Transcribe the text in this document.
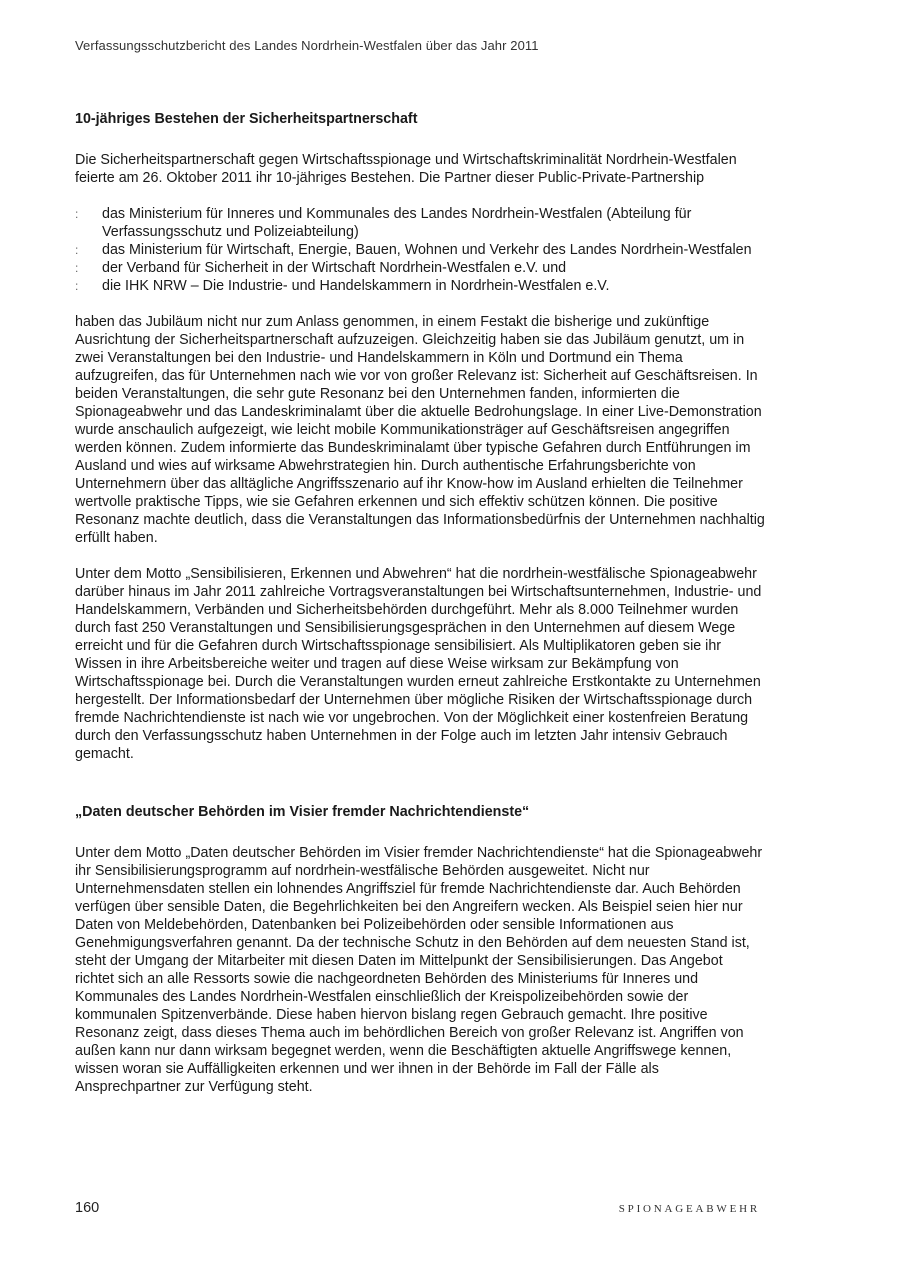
Verfassungsschutzbericht des Landes Nordrhein-Westfalen über das Jahr 2011
10-jähriges Bestehen der Sicherheitspartnerschaft

Die Sicherheitspartnerschaft gegen Wirtschaftsspionage und Wirtschaftskriminalität Nordrhein-Westfalen feierte am 26. Oktober 2011 ihr 10-jähriges Bestehen. Die Partner dieser Public-Private-Partnership

: das Ministerium für Inneres und Kommunales des Landes Nordrhein-Westfalen (Abteilung für Verfassungsschutz und Polizeiabteilung)
: das Ministerium für Wirtschaft, Energie, Bauen, Wohnen und Verkehr des Landes Nordrhein-Westfalen
: der Verband für Sicherheit in der Wirtschaft Nordrhein-Westfalen e.V. und
: die IHK NRW – Die Industrie- und Handelskammern in Nordrhein-Westfalen e.V.

haben das Jubiläum nicht nur zum Anlass genommen, in einem Festakt die bisherige und zukünftige Ausrichtung der Sicherheitspartnerschaft aufzuzeigen. Gleichzeitig haben sie das Jubiläum genutzt, um in zwei Veranstaltungen bei den Industrie- und Handelskammern in Köln und Dortmund ein Thema aufzugreifen, das für Unternehmen nach wie vor von großer Relevanz ist: Sicherheit auf Geschäftsreisen. In beiden Veranstaltungen, die sehr gute Resonanz bei den Unternehmen fanden, informierten die Spionageabwehr und das Landeskriminalamt über die aktuelle Bedrohungslage. In einer Live-Demonstration wurde anschaulich aufgezeigt, wie leicht mobile Kommunikationsträger auf Geschäftsreisen angegriffen werden können. Zudem informierte das Bundeskriminalamt über typische Gefahren durch Entführungen im Ausland und wies auf wirksame Abwehrstrategien hin. Durch authentische Erfahrungsberichte von Unternehmern über das alltägliche Angriffsszenario auf ihr Know-how im Ausland erhielten die Teilnehmer wertvolle praktische Tipps, wie sie Gefahren erkennen und sich effektiv schützen können. Die positive Resonanz machte deutlich, dass die Veranstaltungen das Informationsbedürfnis der Unternehmen nachhaltig erfüllt haben.

Unter dem Motto „Sensibilisieren, Erkennen und Abwehren“ hat die nordrhein-westfälische Spionageabwehr darüber hinaus im Jahr 2011 zahlreiche Vortragsveranstaltungen bei Wirtschaftsunternehmen, Industrie- und Handelskammern, Verbänden und Sicherheitsbehörden durchgeführt. Mehr als 8.000 Teilnehmer wurden durch fast 250 Veranstaltungen und Sensibilisierungsgesprächen in den Unternehmen auf diesem Wege erreicht und für die Gefahren durch Wirtschaftsspionage sensibilisiert. Als Multiplikatoren geben sie ihr Wissen in ihre Arbeitsbereiche weiter und tragen auf diese Weise wirksam zur Bekämpfung von Wirtschaftsspionage bei. Durch die Veranstaltungen wurden erneut zahlreiche Erstkontakte zu Unternehmen hergestellt. Der Informationsbedarf der Unternehmen über mögliche Risiken der Wirtschaftsspionage durch fremde Nachrichtendienste ist nach wie vor ungebrochen. Von der Möglichkeit einer kostenfreien Beratung durch den Verfassungsschutz haben Unternehmen in der Folge auch im letzten Jahr intensiv Gebrauch gemacht.

„Daten deutscher Behörden im Visier fremder Nachrichtendienste“

Unter dem Motto „Daten deutscher Behörden im Visier fremder Nachrichtendienste“ hat die Spionageabwehr ihr Sensibilisierungsprogramm auf nordrhein-westfälische Behörden ausgeweitet. Nicht nur Unternehmensdaten stellen ein lohnendes Angriffsziel für fremde Nachrichtendienste dar. Auch Behörden verfügen über sensible Daten, die Begehrlichkeiten bei den Angreifern wecken. Als Beispiel seien hier nur Daten von Meldebehörden, Datenbanken bei Polizeibehörden oder sensible Informationen aus Genehmigungsverfahren genannt. Da der technische Schutz in den Behörden auf dem neuesten Stand ist, steht der Umgang der Mitarbeiter mit diesen Daten im Mittelpunkt der Sensibilisierungen. Das Angebot richtet sich an alle Ressorts sowie die nachgeordneten Behörden des Ministeriums für Inneres und Kommunales des Landes Nordrhein-Westfalen einschließlich der Kreispolizeibehörden sowie der kommunalen Spitzenverbände. Diese haben hiervon bislang regen Gebrauch gemacht. Ihre positive Resonanz zeigt, dass dieses Thema auch im behördlichen Bereich von großer Relevanz ist. Angriffen von außen kann nur dann wirksam begegnet werden, wenn die Beschäftigten aktuelle Angriffswege kennen, wissen woran sie Auffälligkeiten erkennen und wer ihnen in der Behörde im Fall der Fälle als Ansprechpartner zur Verfügung steht.

160	SPIONAGEABWEHR
